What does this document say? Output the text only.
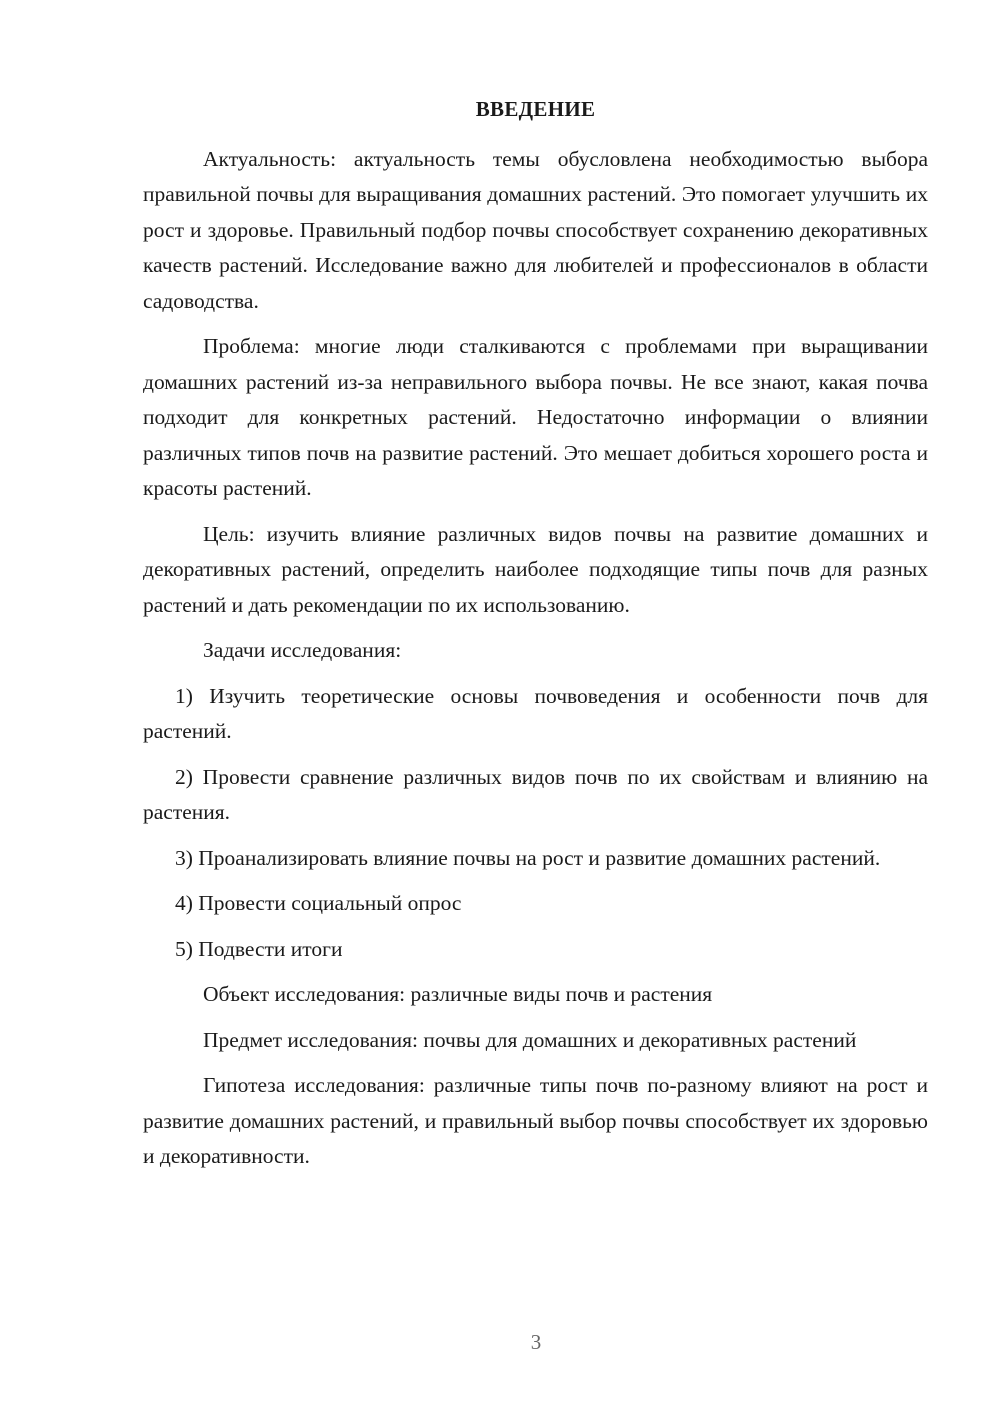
ВВЕДЕНИЕ

Актуальность: актуальность темы обусловлена необходимостью выбора правильной почвы для выращивания домашних растений. Это помогает улучшить их рост и здоровье. Правильный подбор почвы способствует сохранению декоративных качеств растений. Исследование важно для любителей и профессионалов в области садоводства.

Проблема: многие люди сталкиваются с проблемами при выращивании домашних растений из-за неправильного выбора почвы. Не все знают, какая почва подходит для конкретных растений. Недостаточно информации о влиянии различных типов почв на развитие растений. Это мешает добиться хорошего роста и красоты растений.

Цель: изучить влияние различных видов почвы на развитие домашних и декоративных растений, определить наиболее подходящие типы почв для разных растений и дать рекомендации по их использованию.

Задачи исследования:

1) Изучить теоретические основы почвоведения и особенности почв для растений.

2) Провести сравнение различных видов почв по их свойствам и влиянию на растения.

3) Проанализировать влияние почвы на рост и развитие домашних растений.

4) Провести социальный опрос

5) Подвести итоги

Объект исследования: различные виды почв и растения

Предмет исследования: почвы для домашних и декоративных растений

Гипотеза исследования: различные типы почв по-разному влияют на рост и развитие домашних растений, и правильный выбор почвы способствует их здоровью и декоративности.

3
